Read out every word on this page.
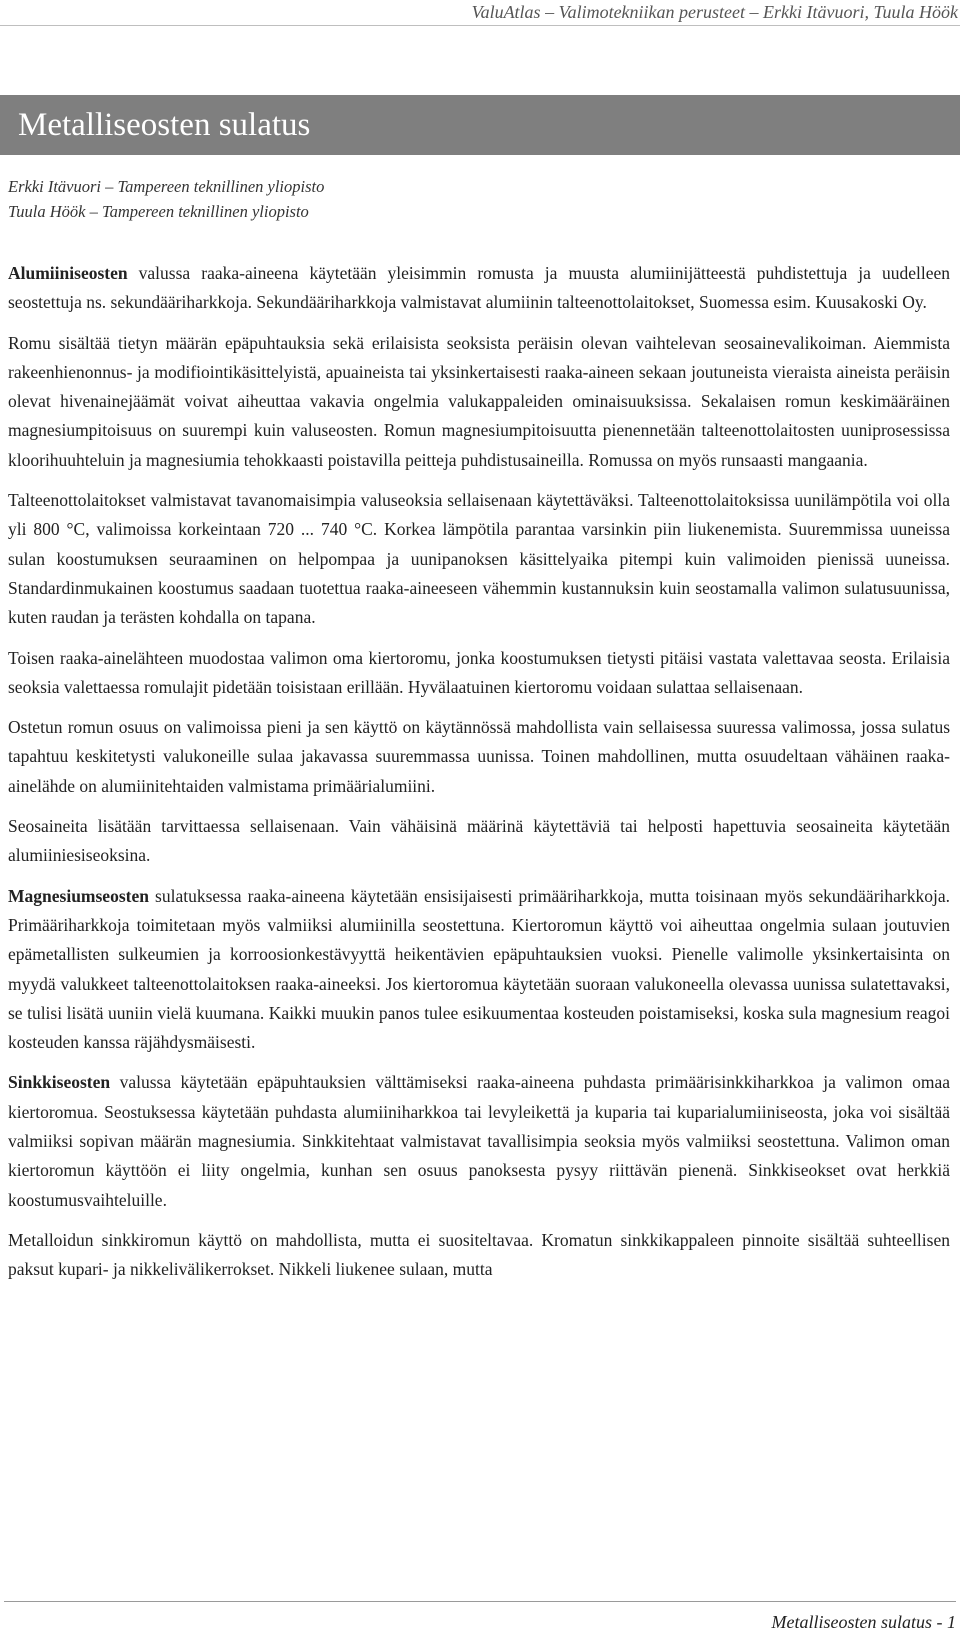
ValuAtlas – Valimotekniikan perusteet – Erkki Itävuori, Tuula Höök
Metalliseosten sulatus
Erkki Itävuori – Tampereen teknillinen yliopisto
Tuula Höök – Tampereen teknillinen yliopisto

Alumiiniseosten valussa raaka-aineena käytetään yleisimmin romusta ja muusta alumiinijätteestä puhdistettuja ja uudelleen seostettuja ns. sekundääriharkkoja. Sekundääriharkkoja valmistavat alumiinin talteenottolaitokset, Suomessa esim. Kuusakoski Oy.

Romu sisältää tietyn määrän epäpuhtauksia sekä erilaisista seoksista peräisin olevan vaihtelevan seosainevalikoiman. Aiemmista rakeenhienonnus- ja modifiointikäsittelyistä, apuaineista tai yksinkertaisesti raaka-aineen sekaan joutuneista vieraista aineista peräisin olevat hivenainejäämät voivat aiheuttaa vakavia ongelmia valukappaleiden ominaisuuksissa. Sekalaisen romun keskimääräinen magnesiumpitoisuus on suurempi kuin valuseosten. Romun magnesiumpitoisuutta pienennetään talteenottolaitosten uuniprosessissa kloorihuuhteluin ja magnesiumia tehokkaasti poistavilla peitteja puhdistusaineilla. Romussa on myös runsaasti mangaania.

Talteenottolaitokset valmistavat tavanomaisimpia valuseoksia sellaisenaan käytettäväksi. Talteenottolaitoksissa uunilämpötila voi olla yli 800 °C, valimoissa korkeintaan 720 ... 740 °C. Korkea lämpötila parantaa varsinkin piin liukenemista. Suuremmissa uuneissa sulan koostumuksen seuraaminen on helpompaa ja uunipanoksen käsittelyaika pitempi kuin valimoiden pienissä uuneissa. Standardinmukainen koostumus saadaan tuotettua raaka-aineeseen vähemmin kustannuksin kuin seostamalla valimon sulatusuunissa, kuten raudan ja terästen kohdalla on tapana.

Toisen raaka-ainelähteen muodostaa valimon oma kiertoromu, jonka koostumuksen tietysti pitäisi vastata valettavaa seosta. Erilaisia seoksia valettaessa romulajit pidetään toisistaan erillään. Hyvälaatuinen kiertoromu voidaan sulattaa sellaisenaan.

Ostetun romun osuus on valimoissa pieni ja sen käyttö on käytännössä mahdollista vain sellaisessa suuressa valimossa, jossa sulatus tapahtuu keskitetysti valukoneille sulaa jakavassa suuremmassa uunissa. Toinen mahdollinen, mutta osuudeltaan vähäinen raaka-ainelähde on alumiinitehtaiden valmistama primäärialumiini.

Seosaineita lisätään tarvittaessa sellaisenaan. Vain vähäisinä määrinä käytettäviä tai helposti hapettuvia seosaineita käytetään alumiiniesiseoksina.

Magnesiumseosten sulatuksessa raaka-aineena käytetään ensisijaisesti primääriharkkoja, mutta toisinaan myös sekundääriharkkoja. Primääriharkkoja toimitetaan myös valmiiksi alumiinilla seostettuna. Kiertoromun käyttö voi aiheuttaa ongelmia sulaan joutuvien epämetallisten sulkeumien ja korroosionkestävyyttä heikentävien epäpuhtauksien vuoksi. Pienelle valimolle yksinkertaisinta on myydä valukkeet talteenottolaitoksen raaka-aineeksi. Jos kiertoromua käytetään suoraan valukoneella olevassa uunissa sulatettavaksi, se tulisi lisätä uuniin vielä kuumana. Kaikki muukin panos tulee esikuumentaa kosteuden poistamiseksi, koska sula magnesium reagoi kosteuden kanssa räjähdysmäisesti.

Sinkkiseosten valussa käytetään epäpuhtauksien välttämiseksi raaka-aineena puhdasta primäärisinkkiharkkoa ja valimon omaa kiertoromua. Seostuksessa käytetään puhdasta alumiiniharkkoa tai levyleikettä ja kuparia tai kuparialumiiniseosta, joka voi sisältää valmiiksi sopivan määrän magnesiumia. Sinkkitehtaat valmistavat tavallisimpia seoksia myös valmiiksi seostettuna. Valimon oman kiertoromun käyttöön ei liity ongelmia, kunhan sen osuus panoksesta pysyy riittävän pienenä. Sinkkiseokset ovat herkkiä koostumusvaihteluille.

Metalloidun sinkkiromun käyttö on mahdollista, mutta ei suositeltavaa. Kromatun sinkkikappaleen pinnoite sisältää suhteellisen paksut kupari- ja nikkelivälikerrokset. Nikkeli liukenee sulaan, mutta

Metalliseosten sulatus - 1
